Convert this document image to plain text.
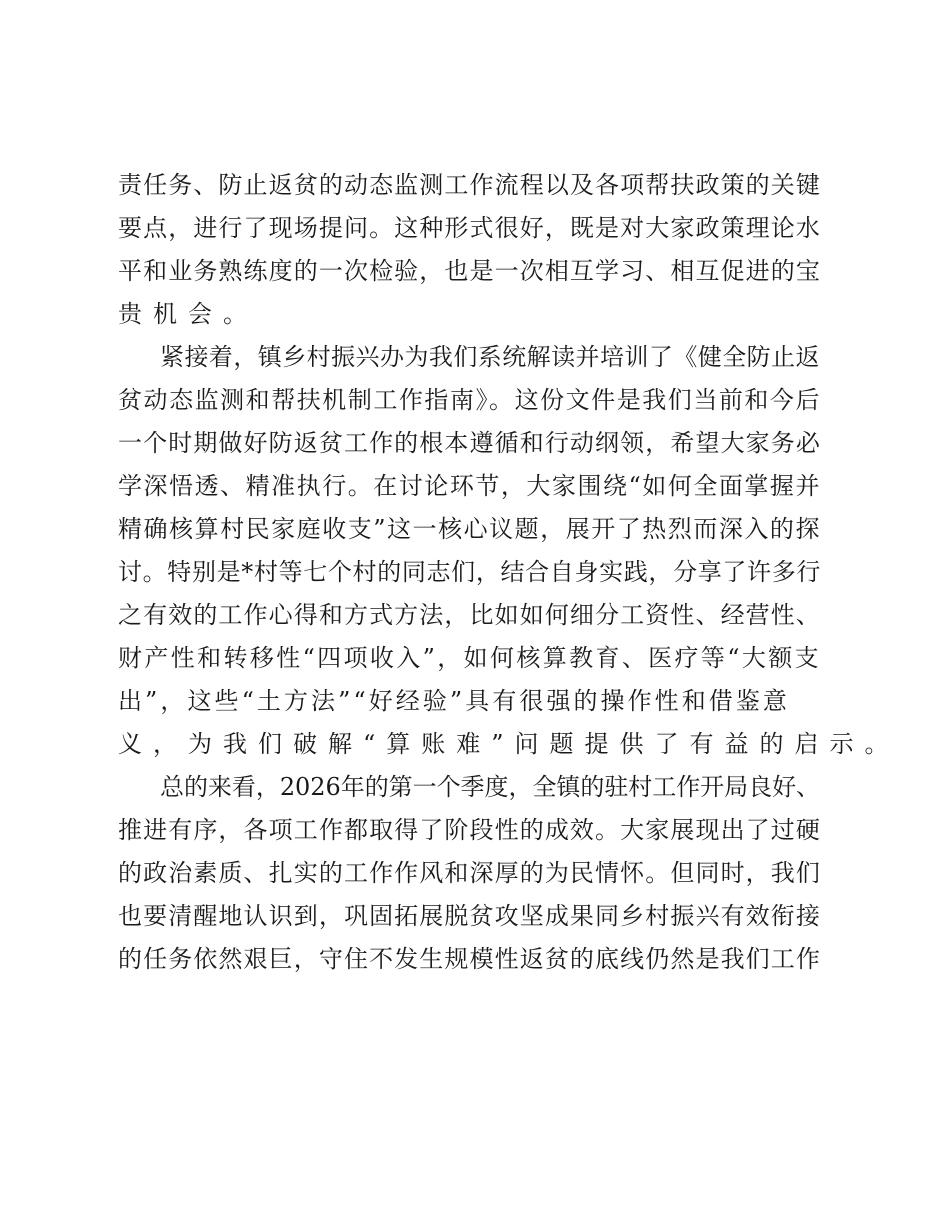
责任务、防止返贫的动态监测工作流程以及各项帮扶政策的关键
要点，进行了现场提问。这种形式很好，既是对大家政策理论水
平和业务熟练度的一次检验，也是一次相互学习、相互促进的宝
贵机会。
紧接着，镇乡村振兴办为我们系统解读并培训了《健全防止返
贫动态监测和帮扶机制工作指南》。这份文件是我们当前和今后
一个时期做好防返贫工作的根本遵循和行动纲领，希望大家务必
学深悟透、精准执行。在讨论环节，大家围绕“如何全面掌握并
精确核算村民家庭收支”这一核心议题，展开了热烈而深入的探
讨。特别是*村等七个村的同志们，结合自身实践，分享了许多行
之有效的工作心得和方式方法，比如如何细分工资性、经营性、
财产性和转移性“四项收入”，如何核算教育、医疗等“大额支
出”，这些“土方法”“好经验”具有很强的操作性和借鉴意
义，为我们破解“算账难”问题提供了有益的启示。
总的来看，2026年的第一个季度，全镇的驻村工作开局良好、
推进有序，各项工作都取得了阶段性的成效。大家展现出了过硬
的政治素质、扎实的工作作风和深厚的为民情怀。但同时，我们
也要清醒地认识到，巩固拓展脱贫攻坚成果同乡村振兴有效衔接
的任务依然艰巨，守住不发生规模性返贫的底线仍然是我们工作
